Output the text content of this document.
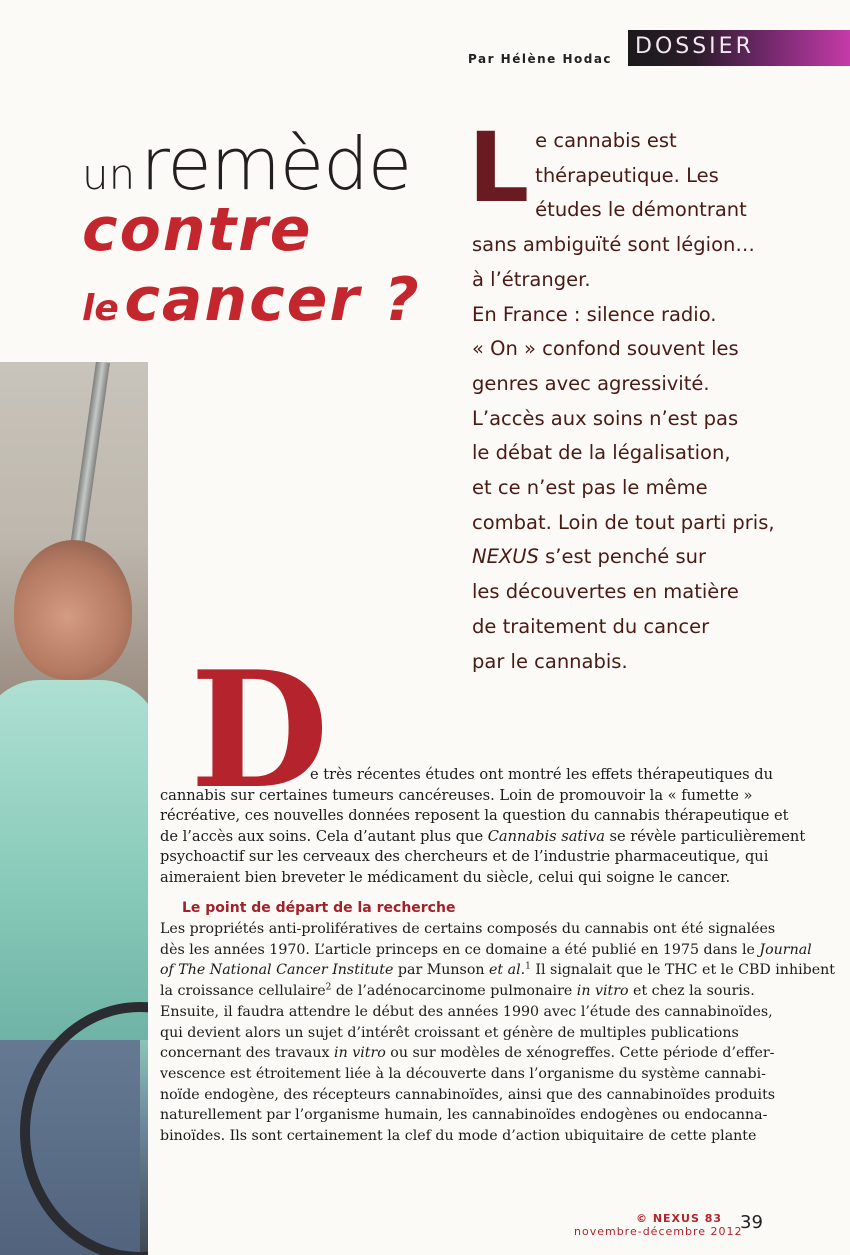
Par Hélène Hodac DOSSIER
un remède
contre
le cancer ?
L e cannabis est
thérapeutique. Les
études le démontrant
sans ambiguïté sont légion…
à l’étranger.
En France : silence radio.
« On » confond souvent les
genres avec agressivité.
L’accès aux soins n’est pas
le débat de la légalisation,
et ce n’est pas le même
combat. Loin de tout parti pris,
NEXUS s’est penché sur
les découvertes en matière
de traitement du cancer
par le cannabis.
D
e très récentes études ont montré les effets thérapeutiques du
cannabis sur certaines tumeurs cancéreuses. Loin de promouvoir la « fumette »
récréative, ces nouvelles données reposent la question du cannabis thérapeutique et
de l’accès aux soins. Cela d’autant plus que Cannabis sativa se révèle particulièrement
psychoactif sur les cerveaux des chercheurs et de l’industrie pharmaceutique, qui
aimeraient bien breveter le médicament du siècle, celui qui soigne le cancer.
Le point de départ de la recherche
Les propriétés anti-prolifératives de certains composés du cannabis ont été signalées
dès les années 1970. L’article princeps en ce domaine a été publié en 1975 dans le Journal
of The National Cancer Institute par Munson et al.$^1$ Il signalait que le THC et le CBD inhibent
la croissance cellulaire$^2$ de l’adénocarcinome pulmonaire in vitro et chez la souris.
Ensuite, il faudra attendre le début des années 1990 avec l’étude des cannabinoïdes,
qui devient alors un sujet d’intérêt croissant et génère de multiples publications
concernant des travaux in vitro ou sur modèles de xénogreffes. Cette période d’effer-
vescence est étroitement liée à la découverte dans l’organisme du système cannabi-
noïde endogène, des récepteurs cannabinoïdes, ainsi que des cannabinoïdes produits
naturellement par l’organisme humain, les cannabinoïdes endogènes ou endocanna-
binoïdes. Ils sont certainement la clef du mode d’action ubiquitaire de cette plante
© NEXUS 83
novembre-décembre 2012
39
